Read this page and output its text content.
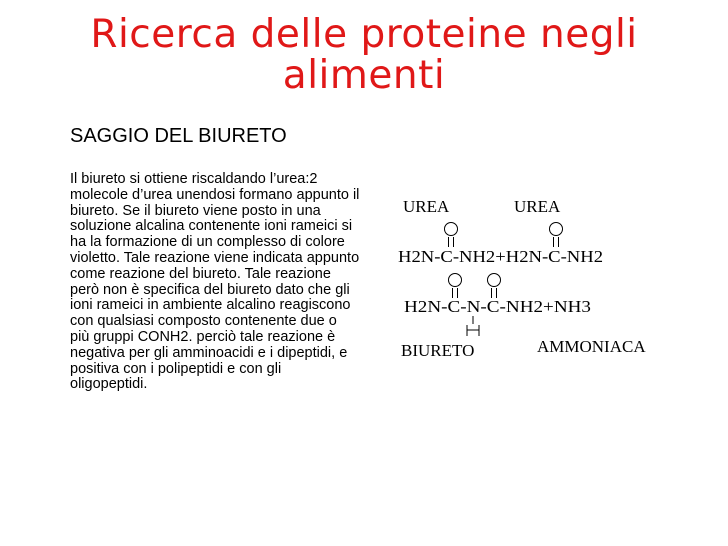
Ricerca delle proteine negli alimenti
SAGGIO DEL BIURETO
Il biureto si ottiene riscaldando l’urea:2 molecole d’urea unendosi formano appunto il biureto. Se il biureto viene posto in una soluzione alcalina contenente ioni rameici si ha la formazione di un complesso di colore violetto. Tale reazione viene indicata appunto come reazione del biureto. Tale reazione però non è specifica del biureto dato che gli ioni rameici in ambiente alcalino reagiscono con qualsiasi composto contenente due o più gruppi CONH2. perciò tale reazione è negativa per gli amminoacidi e i dipeptidi, e positiva con i polipeptidi e con gli oligopeptidi.
UREA	UREA
H2N-C-NH2+H2N-C-NH2
H2N-C-N-C-NH2+NH3
BIURETO	AMMONIACA
